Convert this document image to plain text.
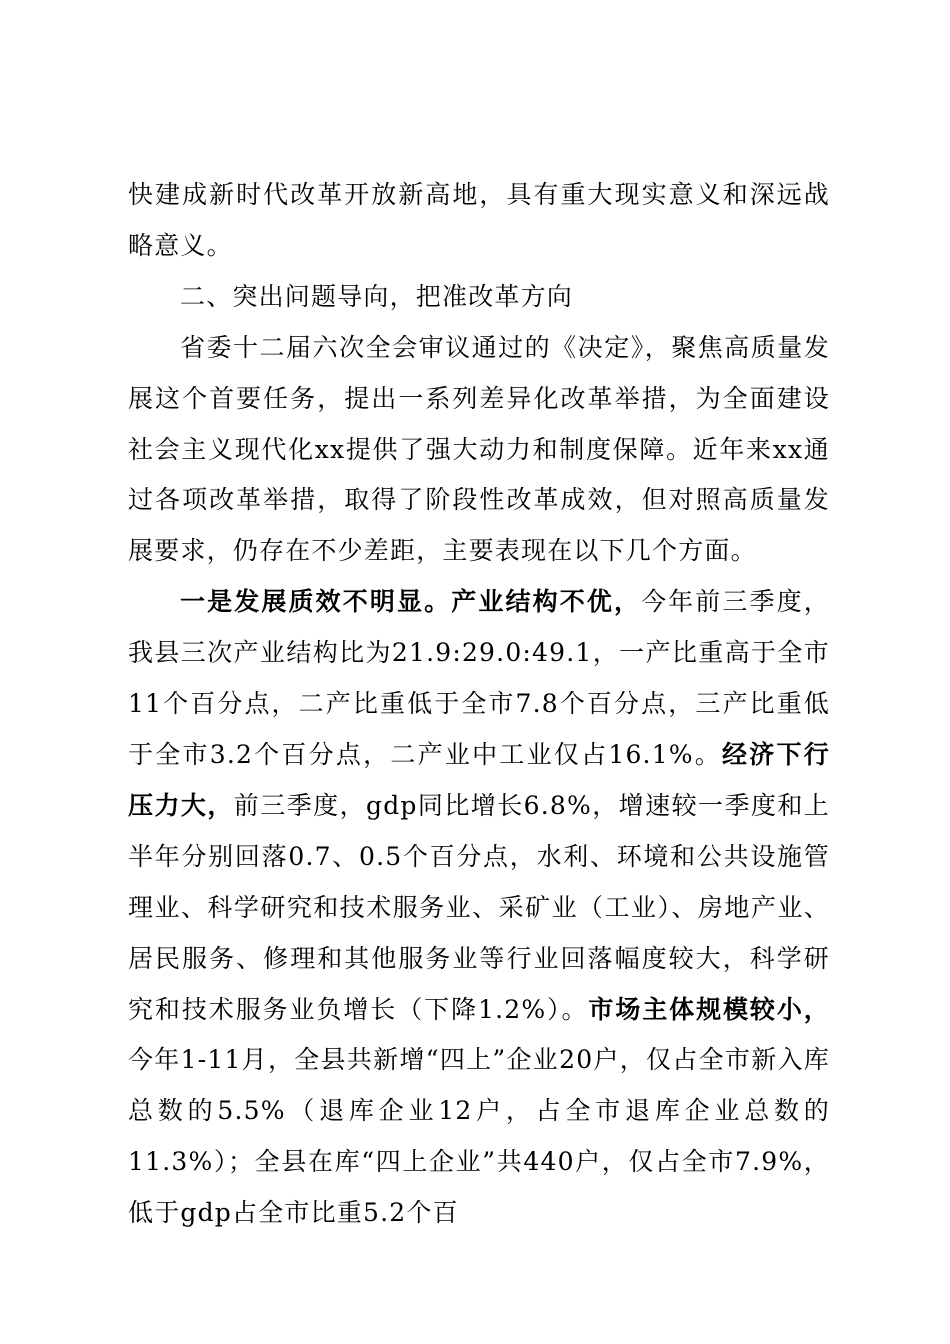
快建成新时代改革开放新高地，具有重大现实意义和深远战略意义。

二、突出问题导向，把准改革方向

省委十二届六次全会审议通过的《决定》，聚焦高质量发展这个首要任务，提出一系列差异化改革举措，为全面建设社会主义现代化xx提供了强大动力和制度保障。近年来xx通过各项改革举措，取得了阶段性改革成效，但对照高质量发展要求，仍存在不少差距，主要表现在以下几个方面。

一是发展质效不明显。产业结构不优，今年前三季度，我县三次产业结构比为21.9:29.0:49.1，一产比重高于全市11个百分点，二产比重低于全市7.8个百分点，三产比重低于全市3.2个百分点，二产业中工业仅占16.1%。经济下行压力大，前三季度，gdp同比增长6.8%，增速较一季度和上半年分别回落0.7、0.5个百分点，水利、环境和公共设施管理业、科学研究和技术服务业、采矿业（工业）、房地产业、居民服务、修理和其他服务业等行业回落幅度较大，科学研究和技术服务业负增长（下降1.2%）。市场主体规模较小，今年1-11月，全县共新增“四上”企业20户，仅占全市新入库总数的5.5%（退库企业12户，占全市退库企业总数的11.3%）；全县在库“四上企业”共440户，仅占全市7.9%，低于gdp占全市比重5.2个百
